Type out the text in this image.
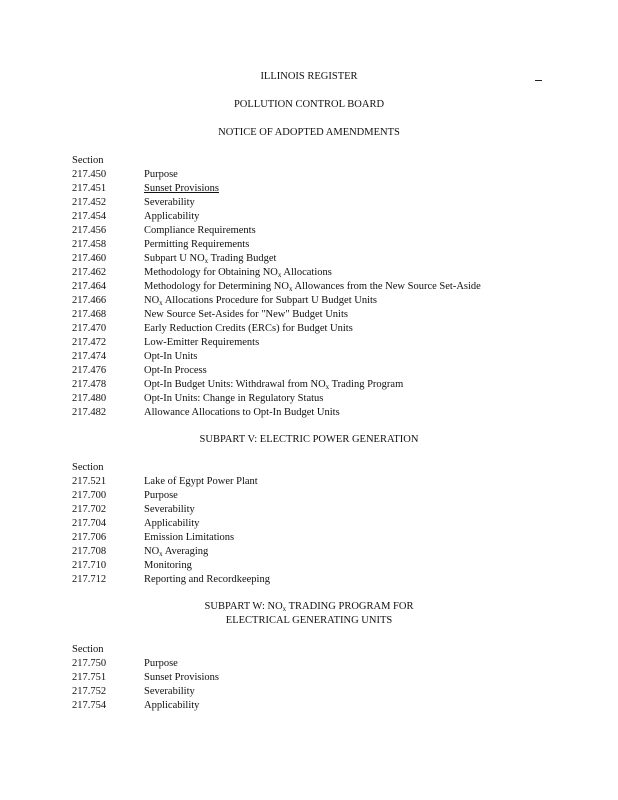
ILLINOIS REGISTER
POLLUTION CONTROL BOARD
NOTICE OF ADOPTED AMENDMENTS
Section
217.450	Purpose
217.451	Sunset Provisions
217.452	Severability
217.454	Applicability
217.456	Compliance Requirements
217.458	Permitting Requirements
217.460	Subpart U $NO_x$ Trading Budget
217.462	Methodology for Obtaining $NO_x$ Allocations
217.464	Methodology for Determining $NO_x$ Allowances from the New Source Set-Aside
217.466	$NO_x$ Allocations Procedure for Subpart U Budget Units
217.468	New Source Set-Asides for "New" Budget Units
217.470	Early Reduction Credits (ERCs) for Budget Units
217.472	Low-Emitter Requirements
217.474	Opt-In Units
217.476	Opt-In Process
217.478	Opt-In Budget Units: Withdrawal from $NO_x$ Trading Program
217.480	Opt-In Units: Change in Regulatory Status
217.482	Allowance Allocations to Opt-In Budget Units
SUBPART V: ELECTRIC POWER GENERATION
Section
217.521	Lake of Egypt Power Plant
217.700	Purpose
217.702	Severability
217.704	Applicability
217.706	Emission Limitations
217.708	$NO_x$ Averaging
217.710	Monitoring
217.712	Reporting and Recordkeeping
SUBPART W: $NO_x$ TRADING PROGRAM FOR
ELECTRICAL GENERATING UNITS
Section
217.750	Purpose
217.751	Sunset Provisions
217.752	Severability
217.754	Applicability
